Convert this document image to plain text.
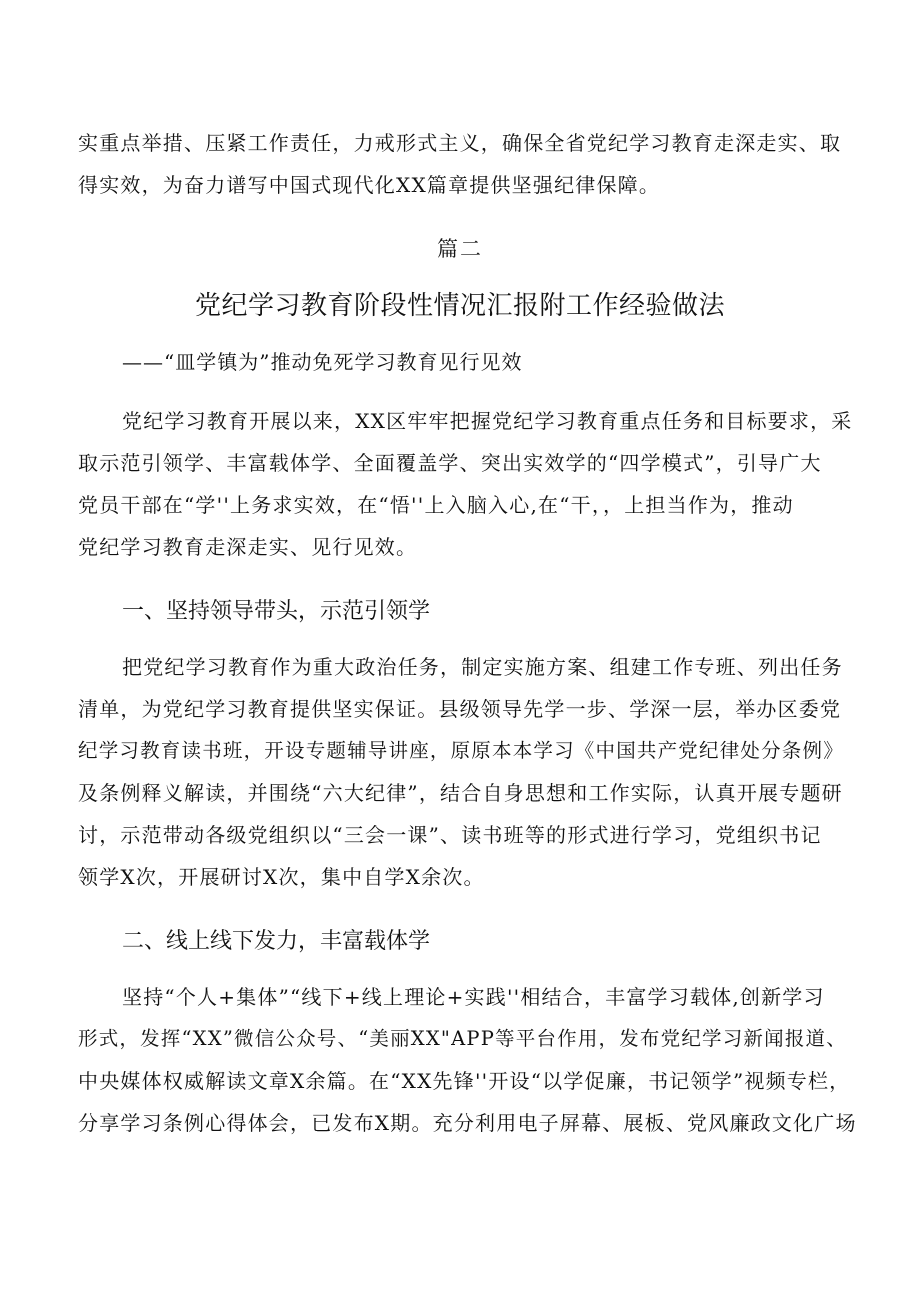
实重点举措、压紧工作责任，力戒形式主义，确保全省党纪学习教育走深走实、取
得实效，为奋力谱写中国式现代化XX篇章提供坚强纪律保障。
篇二
党纪学习教育阶段性情况汇报附工作经验做法
——“皿学镇为”推动免死学习教育见行见效
党纪学习教育开展以来，XX区牢牢把握党纪学习教育重点任务和目标要求，采
取示范引领学、丰富载体学、全面覆盖学、突出实效学的“四学模式”，引导广大
党员干部在“学''上务求实效，在“悟''上入脑入心,在“干，，上担当作为，推动
党纪学习教育走深走实、见行见效。
一、坚持领导带头，示范引领学
把党纪学习教育作为重大政治任务，制定实施方案、组建工作专班、列出任务
清单，为党纪学习教育提供坚实保证。县级领导先学一步、学深一层，举办区委党
纪学习教育读书班，开设专题辅导讲座，原原本本学习《中国共产党纪律处分条例》
及条例释义解读，并围绕“六大纪律”，结合自身思想和工作实际，认真开展专题研
讨，示范带动各级党组织以“三会一课”、读书班等的形式进行学习，党组织书记
领学X次，开展研讨X次，集中自学X余次。
二、线上线下发力，丰富载体学
坚持“个人+集体”“线下+线上理论+实践''相结合，丰富学习载体,创新学习
形式，发挥“XX”微信公众号、“美丽XX"APP等平台作用，发布党纪学习新闻报道、
中央媒体权威解读文章X余篇。在“XX先锋''开设“以学促廉，书记领学”视频专栏，
分享学习条例心得体会，已发布X期。充分利用电子屏幕、展板、党风廉政文化广场
